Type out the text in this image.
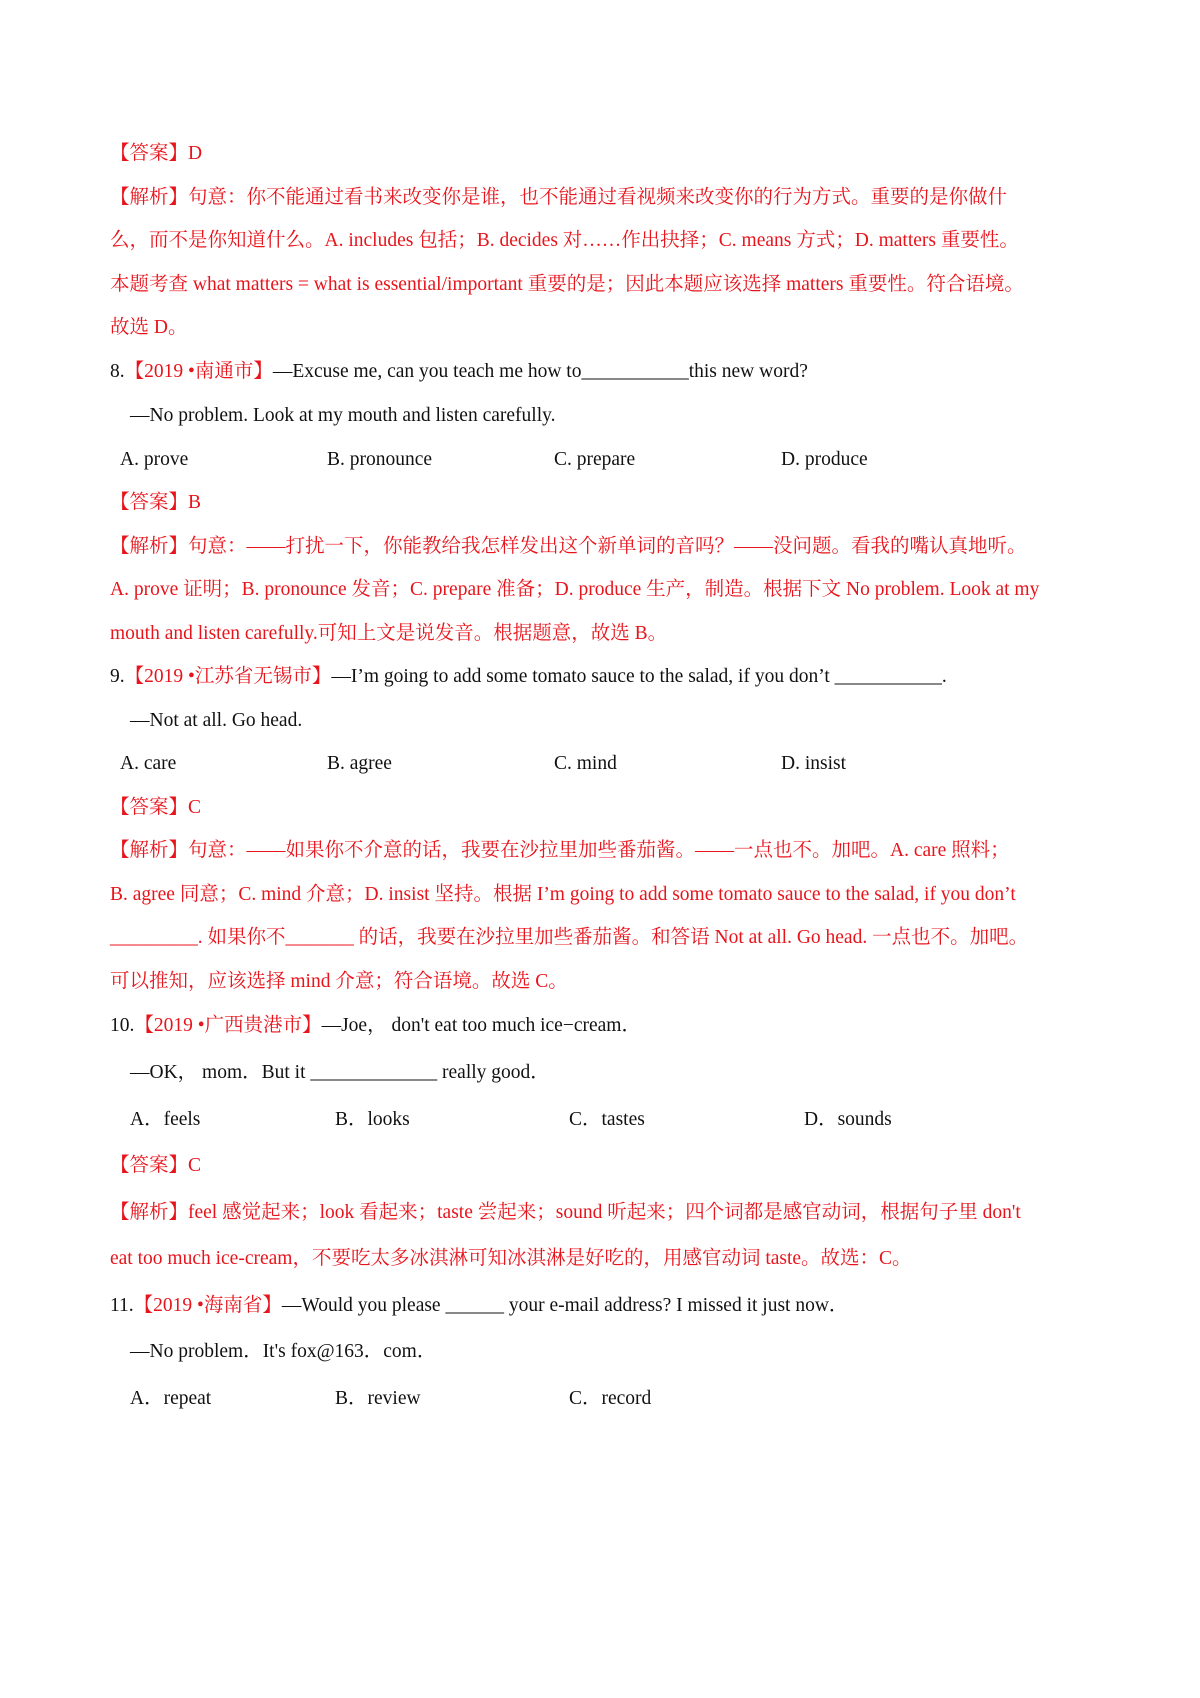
【答案】D
【解析】句意：你不能通过看书来改变你是谁，也不能通过看视频来改变你的行为方式。重要的是你做什
么，而不是你知道什么。A. includes 包括；B. decides 对……作出抉择；C. means 方式；D. matters 重要性。
本题考查 what matters = what is essential/important 重要的是；因此本题应该选择 matters 重要性。符合语境。
故选 D。
8.【2019 •南通市】—Excuse me, can you teach me how to___________this new word?
—No problem. Look at my mouth and listen carefully.
A. prove	B. pronounce	C. prepare	D. produce
【答案】B
【解析】句意：——打扰一下，你能教给我怎样发出这个新单词的音吗？——没问题。看我的嘴认真地听。
A. prove 证明；B. pronounce 发音；C. prepare 准备；D. produce 生产，制造。根据下文 No problem. Look at my
mouth and listen carefully.可知上文是说发音。根据题意，故选 B。
9.【2019 •江苏省无锡市】—I’m going to add some tomato sauce to the salad, if you don’t ___________.
—Not at all. Go head.
A. care	B. agree	C. mind	D. insist
【答案】C
【解析】句意：——如果你不介意的话，我要在沙拉里加些番茄酱。——一点也不。加吧。A. care 照料；
B. agree 同意；C. mind 介意；D. insist 坚持。根据 I’m going to add some tomato sauce to the salad, if you don’t
_________. 如果你不_______ 的话，我要在沙拉里加些番茄酱。和答语 Not at all. Go head. 一点也不。加吧。
可以推知，应该选择 mind 介意；符合语境。故选 C。
10.【2019 •广西贵港市】—Joe， don't eat too much ice−cream．
—OK， mom．But it _____________ really good．
A．feels	B．looks	C．tastes	D．sounds
【答案】C
【解析】feel 感觉起来；look 看起来；taste 尝起来；sound 听起来；四个词都是感官动词，根据句子里 don't
eat too much ice-cream，不要吃太多冰淇淋可知冰淇淋是好吃的，用感官动词 taste。故选：C。
11.【2019 •海南省】—Would you please ______ your e-mail address? I missed it just now．
—No problem．It's fox@163．com．
A．repeat	B．review	C．record
